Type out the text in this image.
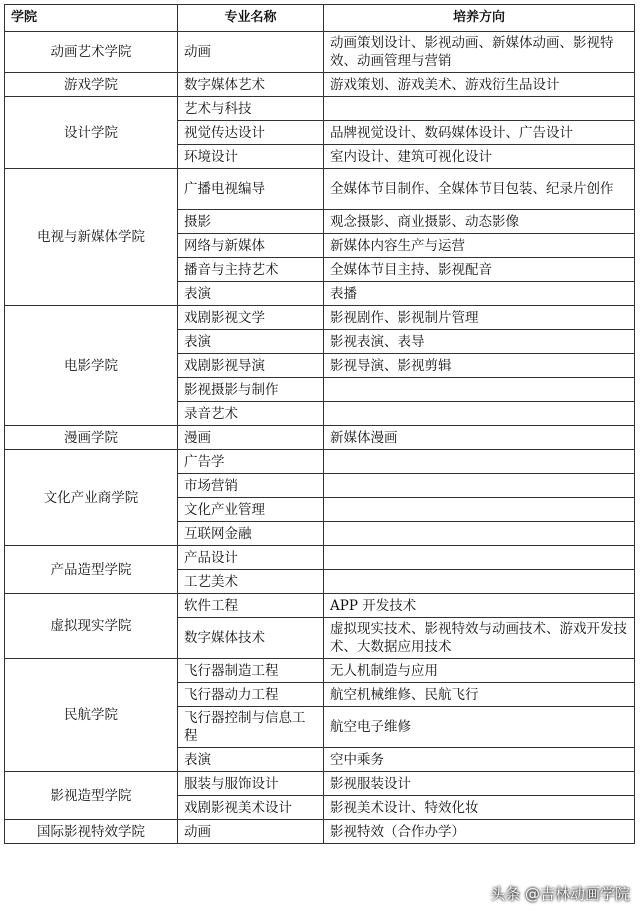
学院	专业名称	培养方向
动画艺术学院	动画	动画策划设计、影视动画、新媒体动画、影视特效、动画管理与营销
游戏学院	数字媒体艺术	游戏策划、游戏美术、游戏衍生品设计
设计学院	艺术与科技	
	视觉传达设计	品牌视觉设计、数码媒体设计、广告设计
	环境设计	室内设计、建筑可视化设计
电视与新媒体学院	广播电视编导	全媒体节目制作、全媒体节目包装、纪录片创作
	摄影	观念摄影、商业摄影、动态影像
	网络与新媒体	新媒体内容生产与运营
	播音与主持艺术	全媒体节目主持、影视配音
	表演	表播
电影学院	戏剧影视文学	影视剧作、影视制片管理
	表演	影视表演、表导
	戏剧影视导演	影视导演、影视剪辑
	影视摄影与制作	
	录音艺术	
漫画学院	漫画	新媒体漫画
文化产业商学院	广告学	
	市场营销	
	文化产业管理	
	互联网金融	
产品造型学院	产品设计	
	工艺美术	
虚拟现实学院	软件工程	APP 开发技术
	数字媒体技术	虚拟现实技术、影视特效与动画技术、游戏开发技术、大数据应用技术
民航学院	飞行器制造工程	无人机制造与应用
	飞行器动力工程	航空机械维修、民航飞行
	飞行器控制与信息工程	航空电子维修
	表演	空中乘务
影视造型学院	服装与服饰设计	影视服装设计
	戏剧影视美术设计	影视美术设计、特效化妆
国际影视特效学院	动画	影视特效（合作办学）
头条 @吉林动画学院
